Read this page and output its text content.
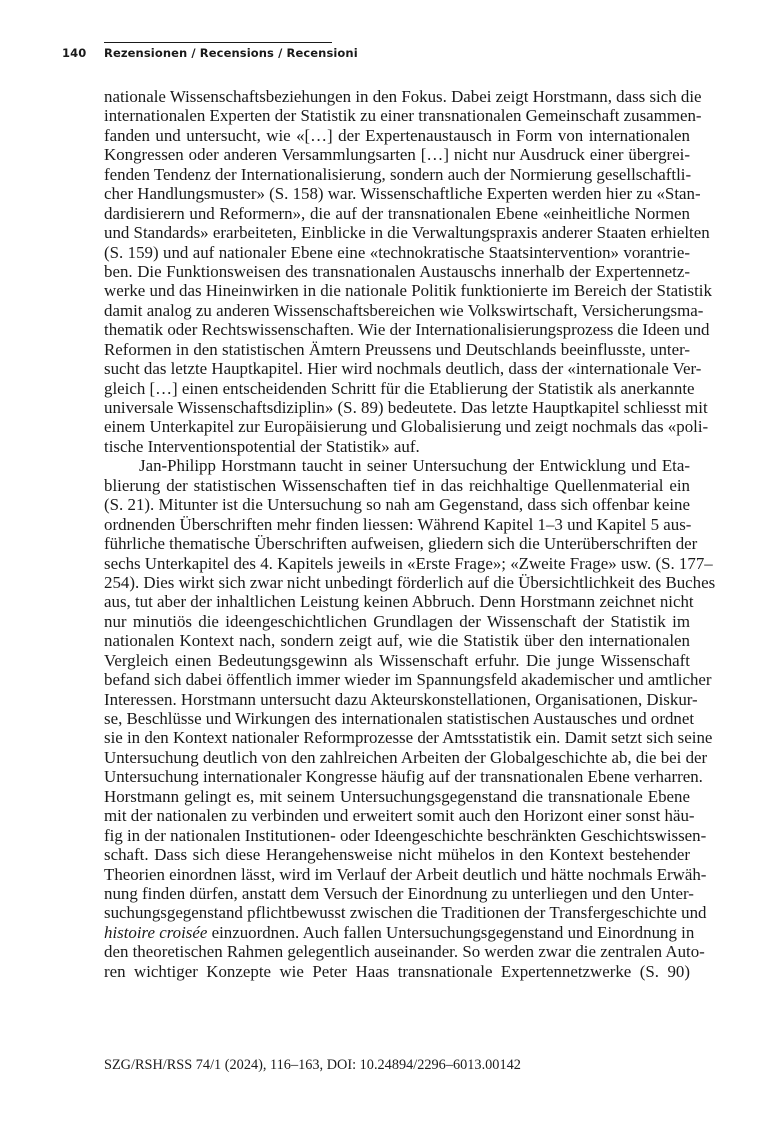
140 Rezensionen / Recensions / Recensioni

nationale Wissenschaftsbeziehungen in den Fokus. Dabei zeigt Horstmann, dass sich die
internationalen Experten der Statistik zu einer transnationalen Gemeinschaft zusammen-
fanden und untersucht, wie «[…] der Expertenaustausch in Form von internationalen
Kongressen oder anderen Versammlungsarten […] nicht nur Ausdruck einer übergrei-
fenden Tendenz der Internationalisierung, sondern auch der Normierung gesellschaftli-
cher Handlungsmuster» (S. 158) war. Wissenschaftliche Experten werden hier zu «Stan-
dardisierern und Reformern», die auf der transnationalen Ebene «einheitliche Normen
und Standards» erarbeiteten, Einblicke in die Verwaltungspraxis anderer Staaten erhielten
(S. 159) und auf nationaler Ebene eine «technokratische Staatsintervention» vorantrie-
ben. Die Funktionsweisen des transnationalen Austauschs innerhalb der Expertennetz-
werke und das Hineinwirken in die nationale Politik funktionierte im Bereich der Statistik
damit analog zu anderen Wissenschaftsbereichen wie Volkswirtschaft, Versicherungsma-
thematik oder Rechtswissenschaften. Wie der Internationalisierungsprozess die Ideen und
Reformen in den statistischen Ämtern Preussens und Deutschlands beeinflusste, unter-
sucht das letzte Hauptkapitel. Hier wird nochmals deutlich, dass der «internationale Ver-
gleich […] einen entscheidenden Schritt für die Etablierung der Statistik als anerkannte
universale Wissenschaftsdiziplin» (S. 89) bedeutete. Das letzte Hauptkapitel schliesst mit
einem Unterkapitel zur Europäisierung und Globalisierung und zeigt nochmals das «poli-
tische Interventionspotential der Statistik» auf.

Jan-Philipp Horstmann taucht in seiner Untersuchung der Entwicklung und Eta-
blierung der statistischen Wissenschaften tief in das reichhaltige Quellenmaterial ein
(S. 21). Mitunter ist die Untersuchung so nah am Gegenstand, dass sich offenbar keine
ordnenden Überschriften mehr finden liessen: Während Kapitel 1–3 und Kapitel 5 aus-
führliche thematische Überschriften aufweisen, gliedern sich die Unterüberschriften der
sechs Unterkapitel des 4. Kapitels jeweils in «Erste Frage»; «Zweite Frage» usw. (S. 177–
254). Dies wirkt sich zwar nicht unbedingt förderlich auf die Übersichtlichkeit des Buches
aus, tut aber der inhaltlichen Leistung keinen Abbruch. Denn Horstmann zeichnet nicht
nur minutiös die ideengeschichtlichen Grundlagen der Wissenschaft der Statistik im
nationalen Kontext nach, sondern zeigt auf, wie die Statistik über den internationalen
Vergleich einen Bedeutungsgewinn als Wissenschaft erfuhr. Die junge Wissenschaft
befand sich dabei öffentlich immer wieder im Spannungsfeld akademischer und amtlicher
Interessen. Horstmann untersucht dazu Akteurskonstellationen, Organisationen, Diskur-
se, Beschlüsse und Wirkungen des internationalen statistischen Austausches und ordnet
sie in den Kontext nationaler Reformprozesse der Amtsstatistik ein. Damit setzt sich seine
Untersuchung deutlich von den zahlreichen Arbeiten der Globalgeschichte ab, die bei der
Untersuchung internationaler Kongresse häufig auf der transnationalen Ebene verharren.
Horstmann gelingt es, mit seinem Untersuchungsgegenstand die transnationale Ebene
mit der nationalen zu verbinden und erweitert somit auch den Horizont einer sonst häu-
fig in der nationalen Institutionen- oder Ideengeschichte beschränkten Geschichtswissen-
schaft. Dass sich diese Herangehensweise nicht mühelos in den Kontext bestehender
Theorien einordnen lässt, wird im Verlauf der Arbeit deutlich und hätte nochmals Erwäh-
nung finden dürfen, anstatt dem Versuch der Einordnung zu unterliegen und den Unter-
suchungsgegenstand pflichtbewusst zwischen die Traditionen der Transfergeschichte und
histoire croisée einzuordnen. Auch fallen Untersuchungsgegenstand und Einordnung in
den theoretischen Rahmen gelegentlich auseinander. So werden zwar die zentralen Auto-
ren wichtiger Konzepte wie Peter Haas transnationale Expertennetzwerke (S. 90)

SZG/RSH/RSS 74/1 (2024), 116–163, DOI: 10.24894/2296–6013.00142
